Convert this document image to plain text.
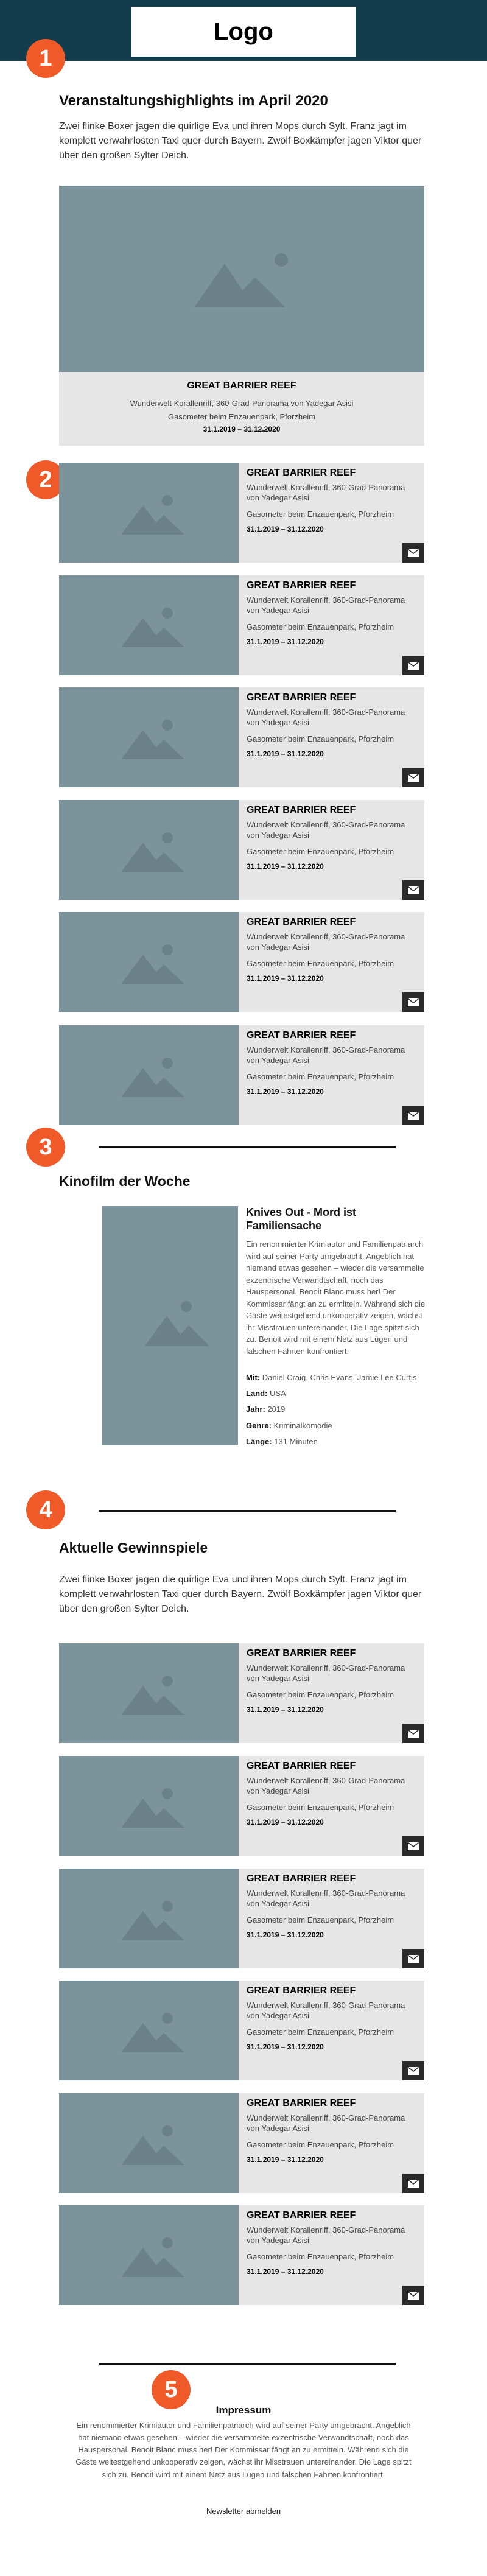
Logo
1
Veranstaltungshighlights im April 2020
Zwei flinke Boxer jagen die quirlige Eva und ihren Mops durch Sylt. Franz jagt im komplett verwahrlosten Taxi quer durch Bayern. Zwölf Boxkämpfer jagen Viktor quer über den großen Sylter Deich.
GREAT BARRIER REEF
Wunderwelt Korallenriff, 360-Grad-Panorama von Yadegar Asisi
Gasometer beim Enzauenpark, Pforzheim
31.1.2019 – 31.12.2020
2	GREAT BARRIER REEF
Wunderwelt Korallenriff, 360-Grad-Panorama von Yadegar Asisi
Gasometer beim Enzauenpark, Pforzheim
31.1.2019 – 31.12.2020
GREAT BARRIER REEF
Wunderwelt Korallenriff, 360-Grad-Panorama von Yadegar Asisi
Gasometer beim Enzauenpark, Pforzheim
31.1.2019 – 31.12.2020
GREAT BARRIER REEF
Wunderwelt Korallenriff, 360-Grad-Panorama von Yadegar Asisi
Gasometer beim Enzauenpark, Pforzheim
31.1.2019 – 31.12.2020
GREAT BARRIER REEF
Wunderwelt Korallenriff, 360-Grad-Panorama von Yadegar Asisi
Gasometer beim Enzauenpark, Pforzheim
31.1.2019 – 31.12.2020
GREAT BARRIER REEF
Wunderwelt Korallenriff, 360-Grad-Panorama von Yadegar Asisi
Gasometer beim Enzauenpark, Pforzheim
31.1.2019 – 31.12.2020
GREAT BARRIER REEF
Wunderwelt Korallenriff, 360-Grad-Panorama von Yadegar Asisi
Gasometer beim Enzauenpark, Pforzheim
31.1.2019 – 31.12.2020
3
Kinofilm der Woche
Knives Out - Mord ist Familiensache
Ein renommierter Krimiautor und Familienpatriarch wird auf seiner Party umgebracht. Angeblich hat niemand etwas gesehen – wieder die versammelte exzentrische Verwandtschaft, noch das Hauspersonal. Benoit Blanc muss her! Der Kommissar fängt an zu ermitteln. Während sich die Gäste weitestgehend unkooperativ zeigen, wächst ihr Misstrauen untereinander. Die Lage spitzt sich zu. Benoit wird mit einem Netz aus Lügen und falschen Fährten konfrontiert.
Mit: Daniel Craig, Chris Evans, Jamie Lee Curtis
Land: USA
Jahr: 2019
Genre: Kriminalkomödie
Länge: 131 Minuten
4
Aktuelle Gewinnspiele
Zwei flinke Boxer jagen die quirlige Eva und ihren Mops durch Sylt. Franz jagt im komplett verwahrlosten Taxi quer durch Bayern. Zwölf Boxkämpfer jagen Viktor quer über den großen Sylter Deich.
GREAT BARRIER REEF
Wunderwelt Korallenriff, 360-Grad-Panorama von Yadegar Asisi
Gasometer beim Enzauenpark, Pforzheim
31.1.2019 – 31.12.2020
GREAT BARRIER REEF
Wunderwelt Korallenriff, 360-Grad-Panorama von Yadegar Asisi
Gasometer beim Enzauenpark, Pforzheim
31.1.2019 – 31.12.2020
GREAT BARRIER REEF
Wunderwelt Korallenriff, 360-Grad-Panorama von Yadegar Asisi
Gasometer beim Enzauenpark, Pforzheim
31.1.2019 – 31.12.2020
GREAT BARRIER REEF
Wunderwelt Korallenriff, 360-Grad-Panorama von Yadegar Asisi
Gasometer beim Enzauenpark, Pforzheim
31.1.2019 – 31.12.2020
GREAT BARRIER REEF
Wunderwelt Korallenriff, 360-Grad-Panorama von Yadegar Asisi
Gasometer beim Enzauenpark, Pforzheim
31.1.2019 – 31.12.2020
GREAT BARRIER REEF
Wunderwelt Korallenriff, 360-Grad-Panorama von Yadegar Asisi
Gasometer beim Enzauenpark, Pforzheim
31.1.2019 – 31.12.2020
5
Impressum
Ein renommierter Krimiautor und Familienpatriarch wird auf seiner Party umgebracht. Angeblich hat niemand etwas gesehen – wieder die versammelte exzentrische Verwandtschaft, noch das Hauspersonal. Benoit Blanc muss her! Der Kommissar fängt an zu ermitteln. Während sich die Gäste weitestgehend unkooperativ zeigen, wächst ihr Misstrauen untereinander. Die Lage spitzt sich zu. Benoit wird mit einem Netz aus Lügen und falschen Fährten konfrontiert.
Newsletter abmelden
